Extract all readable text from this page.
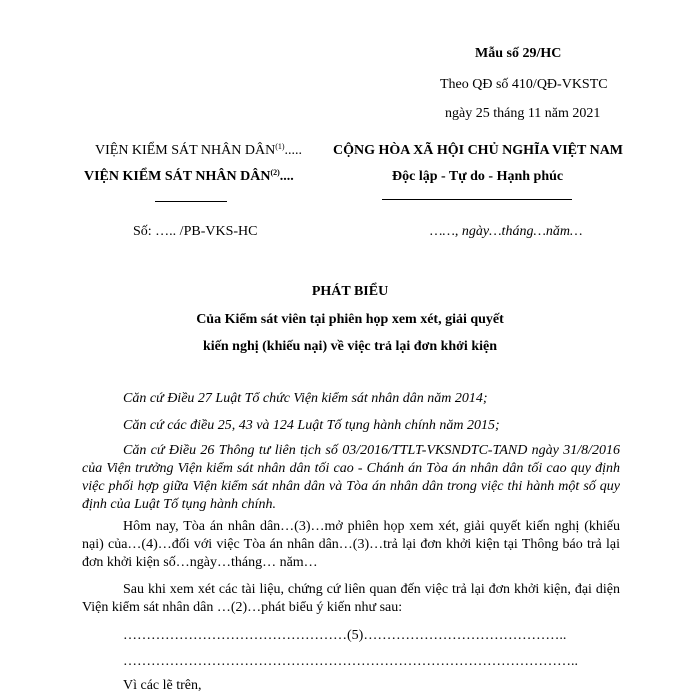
Mẫu số 29/HC
Theo QĐ số 410/QĐ-VKSTC
ngày 25 tháng 11 năm 2021
VIỆN KIỂM SÁT NHÂN DÂN$^{(1)}$.....
VIỆN KIỂM SÁT NHÂN DÂN$^{(2)}$....
Số: ….. /PB-VKS-HC
CỘNG HÒA XÃ HỘI CHỦ NGHĨA VIỆT NAM
Độc lập - Tự do - Hạnh phúc
……, ngày…tháng…năm…
PHÁT BIỂU
Của Kiểm sát viên tại phiên họp xem xét, giải quyết
kiến nghị (khiếu nại) về việc trả lại đơn khởi kiện
Căn cứ Điều 27 Luật Tổ chức Viện kiểm sát nhân dân năm 2014;
Căn cứ các điều 25, 43 và 124 Luật Tố tụng hành chính năm 2015;
Căn cứ Điều 26 Thông tư liên tịch số 03/2016/TTLT-VKSNDTC-TAND ngày 31/8/2016 của Viện trưởng Viện kiểm sát nhân dân tối cao - Chánh án Tòa án nhân dân tối cao quy định việc phối hợp giữa Viện kiểm sát nhân dân và Tòa án nhân dân trong việc thi hành một số quy định của Luật Tố tụng hành chính.
Hôm nay, Tòa án nhân dân…(3)…mở phiên họp xem xét, giải quyết kiến nghị (khiếu nại) của…(4)…đối với việc Tòa án nhân dân…(3)…trả lại đơn khởi kiện tại Thông báo trả lại đơn khởi kiện số…ngày…tháng… năm…
Sau khi xem xét các tài liệu, chứng cứ liên quan đến việc trả lại đơn khởi kiện, đại diện Viện kiểm sát nhân dân …(2)…phát biểu ý kiến như sau:
…………………………………………(5)……………………………………..
……………………………………………………………………………………..
Vì các lẽ trên,
